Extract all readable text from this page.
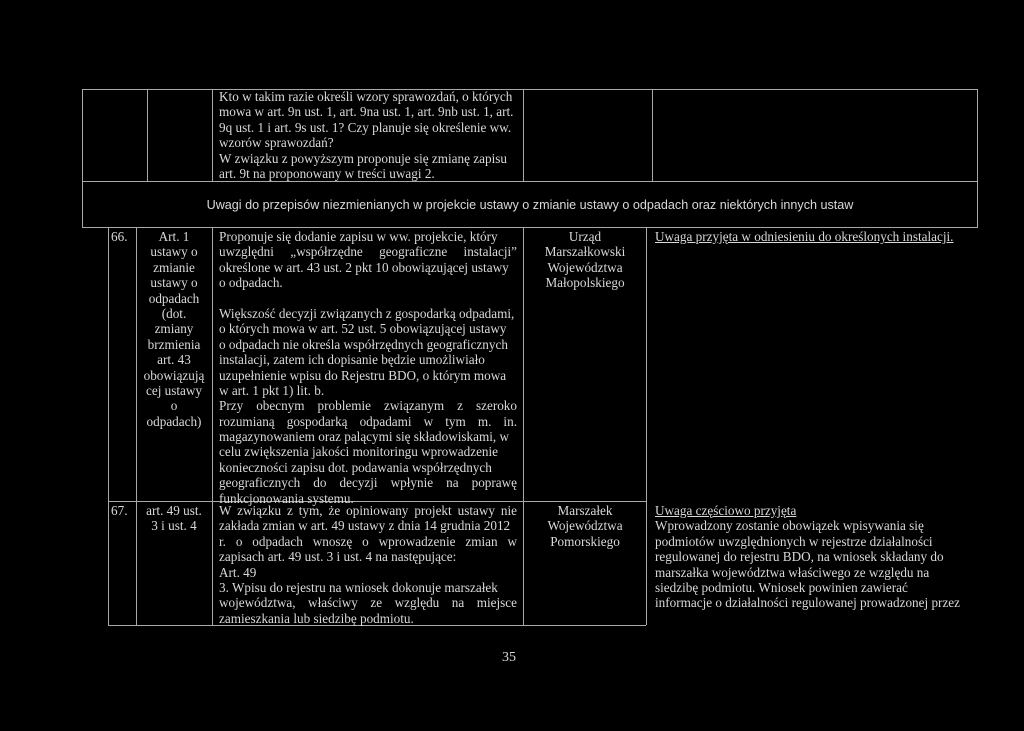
Kto w takim razie określi wzory sprawozdań, o których
mowa w art. 9n ust. 1, art. 9na ust. 1, art. 9nb ust. 1, art.
9q ust. 1 i art. 9s ust. 1? Czy planuje się określenie ww.
wzorów sprawozdań?
W związku z powyższym proponuje się zmianę zapisu
art. 9t na proponowany w treści uwagi 2.
Uwagi do przepisów niezmienianych w projekcie ustawy o zmianie ustawy o odpadach oraz niektórych innych ustaw
66.	Art. 1
ustawy o
zmianie
ustawy o
odpadach
(dot.
zmiany
brzmienia
art. 43
obowiązują
cej ustawy
o
odpadach)
Proponuje się dodanie zapisu w ww. projekcie, który
uwzględni „współrzędne geograficzne instalacji”
określone w art. 43 ust. 2 pkt 10 obowiązującej ustawy
o odpadach.
Większość decyzji związanych z gospodarką odpadami,
o których mowa w art. 52 ust. 5 obowiązującej ustawy
o odpadach nie określa współrzędnych geograficznych
instalacji, zatem ich dopisanie będzie umożliwiało
uzupełnienie wpisu do Rejestru BDO, o którym mowa
w art. 1 pkt 1) lit. b.
Przy obecnym problemie związanym z szeroko
rozumianą gospodarką odpadami w tym m. in.
magazynowaniem oraz palącymi się składowiskami, w
celu zwiększenia jakości monitoringu wprowadzenie
konieczności zapisu dot. podawania współrzędnych
geograficznych do decyzji wpłynie na poprawę
funkcjonowania systemu.
Urząd
Marszałkowski
Województwa
Małopolskiego
Uwaga przyjęta w odniesieniu do określonych instalacji.
67.	art. 49 ust.
3 i ust. 4
W związku z tym, że opiniowany projekt ustawy nie
zakłada zmian w art. 49 ustawy z dnia 14 grudnia 2012
r. o odpadach wnoszę o wprowadzenie zmian w
zapisach art. 49 ust. 3 i ust. 4 na następujące:
Art. 49
3. Wpisu do rejestru na wniosek dokonuje marszałek
województwa, właściwy ze względu na miejsce
zamieszkania lub siedzibę podmiotu.
Marszałek
Województwa
Pomorskiego
Uwaga częściowo przyjęta
Wprowadzony zostanie obowiązek wpisywania się
podmiotów uwzględnionych w rejestrze działalności
regulowanej do rejestru BDO, na wniosek składany do
marszałka województwa właściwego ze względu na
siedzibę podmiotu. Wniosek powinien zawierać
informacje o działalności regulowanej prowadzonej przez
35
